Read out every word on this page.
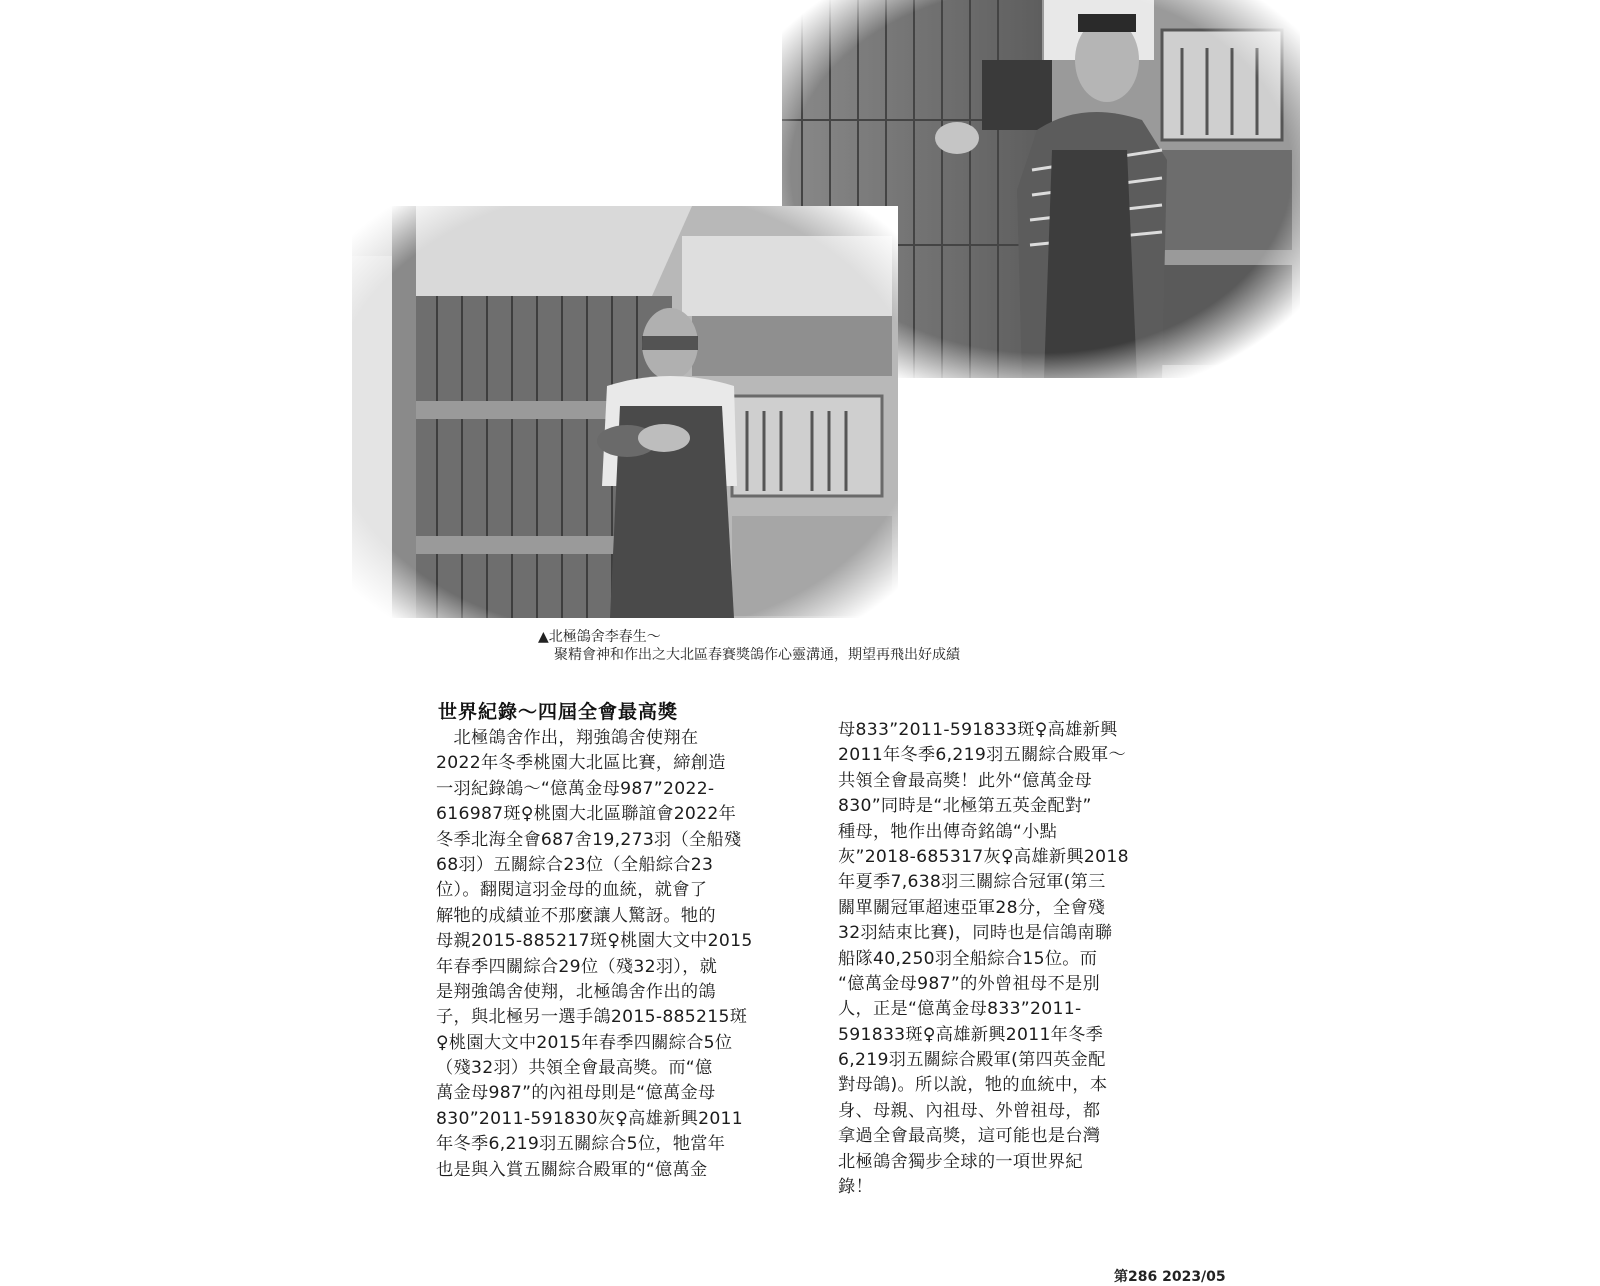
▲北極鴿舍李春生～
聚精會神和作出之大北區春賽獎鴿作心靈溝通，期望再飛出好成績
世界紀錄～四屆全會最高獎
　北極鴿舍作出，翔強鴿舍使翔在
2022年冬季桃園大北區比賽，締創造
一羽紀錄鴿～“億萬金母987”2022-
616987斑♀桃園大北區聯誼會2022年
冬季北海全會687舍19,273羽（全船殘
68羽）五關綜合23位（全船綜合23
位）。翻閱這羽金母的血統，就會了
解牠的成績並不那麼讓人驚訝。牠的
母親2015-885217斑♀桃園大文中2015
年春季四關綜合29位（殘32羽），就
是翔強鴿舍使翔，北極鴿舍作出的鴿
子，與北極另一選手鴿2015-885215斑
♀桃園大文中2015年春季四關綜合5位
（殘32羽）共領全會最高獎。而“億
萬金母987”的內祖母則是“億萬金母
830”2011-591830灰♀高雄新興2011
年冬季6,219羽五關綜合5位，牠當年
也是與入賞五關綜合殿軍的“億萬金
母833”2011-591833斑♀高雄新興
2011年冬季6,219羽五關綜合殿軍～
共領全會最高獎！此外“億萬金母
830”同時是“北極第五英金配對”
種母，牠作出傳奇銘鴿“小點
灰”2018-685317灰♀高雄新興2018
年夏季7,638羽三關綜合冠軍(第三
關單關冠軍超速亞軍28分，全會殘
32羽結束比賽)，同時也是信鴿南聯
船隊40,250羽全船綜合15位。而
“億萬金母987”的外曾祖母不是別
人，正是“億萬金母833”2011-
591833斑♀高雄新興2011年冬季
6,219羽五關綜合殿軍(第四英金配
對母鴿)。所以說，牠的血統中，本
身、母親、內祖母、外曾祖母，都
拿過全會最高獎，這可能也是台灣
北極鴿舍獨步全球的一項世界紀
錄！
第286 2023/05
